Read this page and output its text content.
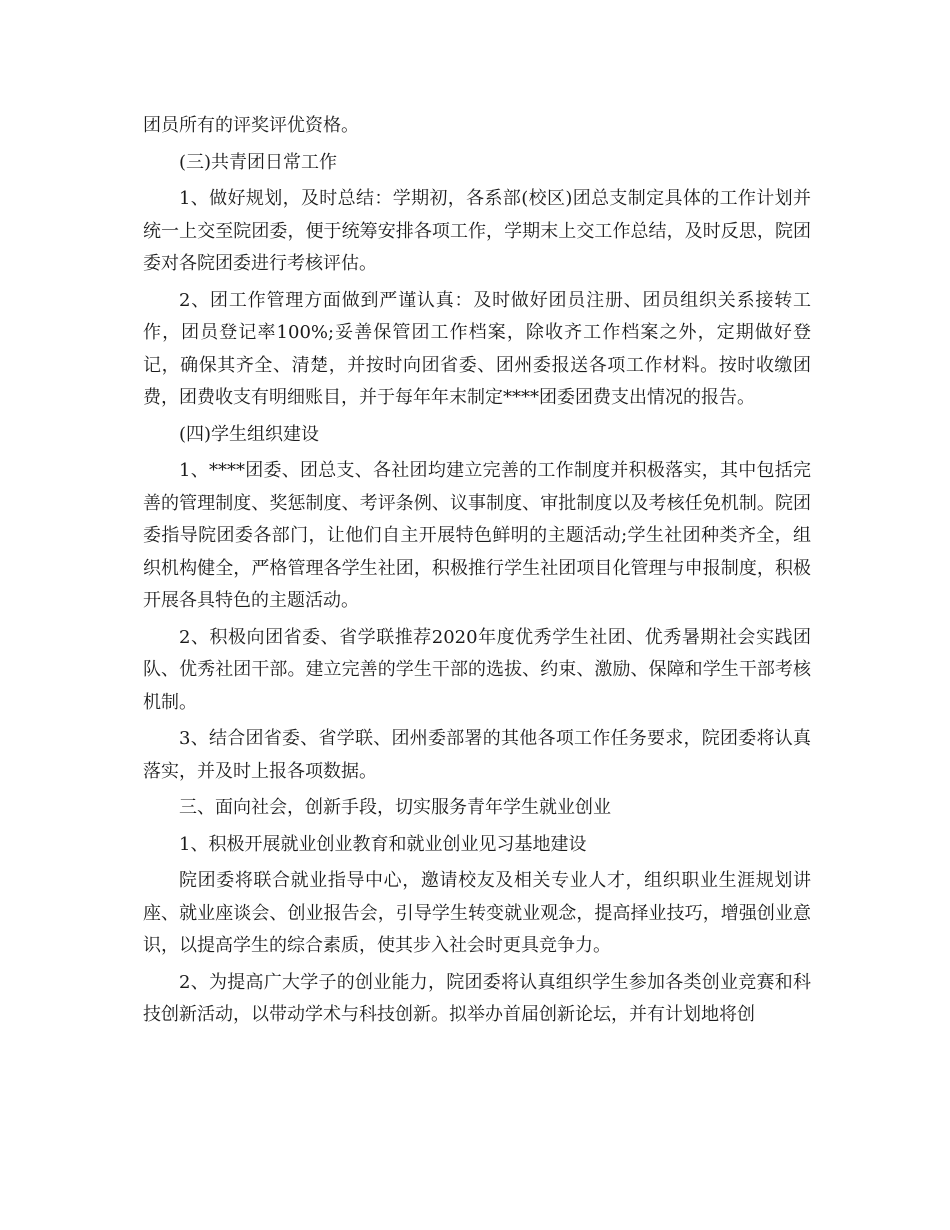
团员所有的评奖评优资格。

(三)共青团日常工作

1、做好规划，及时总结：学期初，各系部(校区)团总支制定具体的工作计划并统一上交至院团委，便于统筹安排各项工作，学期末上交工作总结，及时反思，院团委对各院团委进行考核评估。

2、团工作管理方面做到严谨认真：及时做好团员注册、团员组织关系接转工作，团员登记率100%;妥善保管团工作档案，除收齐工作档案之外，定期做好登记，确保其齐全、清楚，并按时向团省委、团州委报送各项工作材料。按时收缴团费，团费收支有明细账目，并于每年年末制定****团委团费支出情况的报告。

(四)学生组织建设

1、****团委、团总支、各社团均建立完善的工作制度并积极落实，其中包括完善的管理制度、奖惩制度、考评条例、议事制度、审批制度以及考核任免机制。院团委指导院团委各部门，让他们自主开展特色鲜明的主题活动;学生社团种类齐全，组织机构健全，严格管理各学生社团，积极推行学生社团项目化管理与申报制度，积极开展各具特色的主题活动。

2、积极向团省委、省学联推荐2020年度优秀学生社团、优秀暑期社会实践团队、优秀社团干部。建立完善的学生干部的选拔、约束、激励、保障和学生干部考核机制。

3、结合团省委、省学联、团州委部署的其他各项工作任务要求，院团委将认真落实，并及时上报各项数据。

三、面向社会，创新手段，切实服务青年学生就业创业

1、积极开展就业创业教育和就业创业见习基地建设

院团委将联合就业指导中心，邀请校友及相关专业人才，组织职业生涯规划讲座、就业座谈会、创业报告会，引导学生转变就业观念，提高择业技巧，增强创业意识，以提高学生的综合素质，使其步入社会时更具竞争力。

2、为提高广大学子的创业能力，院团委将认真组织学生参加各类创业竞赛和科技创新活动，以带动学术与科技创新。拟举办首届创新论坛，并有计划地将创
